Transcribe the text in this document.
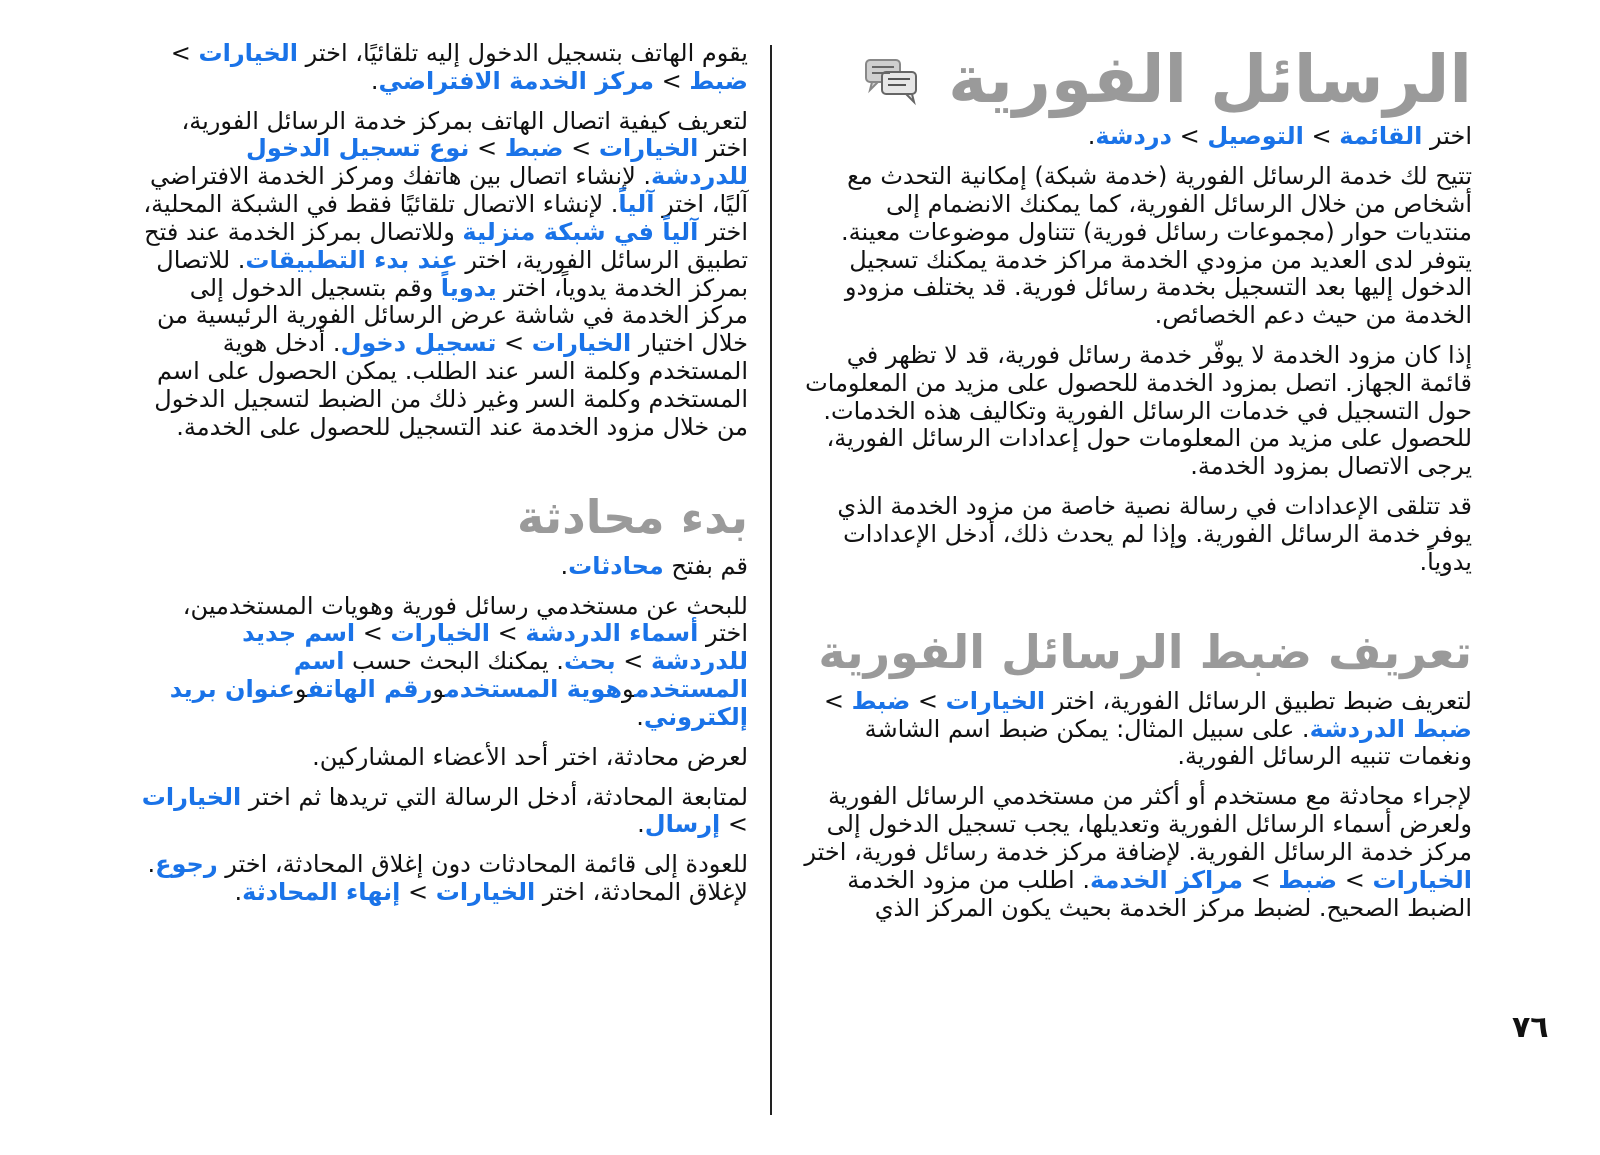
الرسائل الفورية

اختر القائمة > التوصيل > دردشة.

تتيح لك خدمة الرسائل الفورية (خدمة شبكة) إمكانية التحدث مع أشخاص من خلال الرسائل الفورية، كما يمكنك الانضمام إلى منتديات حوار (مجموعات رسائل فورية) تتناول موضوعات معينة. يتوفر لدى العديد من مزودي الخدمة مراكز خدمة يمكنك تسجيل الدخول إليها بعد التسجيل بخدمة رسائل فورية. قد يختلف مزودو الخدمة من حيث دعم الخصائص.

إذا كان مزود الخدمة لا يوفّر خدمة رسائل فورية، قد لا تظهر في قائمة الجهاز. اتصل بمزود الخدمة للحصول على مزيد من المعلومات حول التسجيل في خدمات الرسائل الفورية وتكاليف هذه الخدمات. للحصول على مزيد من المعلومات حول إعدادات الرسائل الفورية، يرجى الاتصال بمزود الخدمة.

قد تتلقى الإعدادات في رسالة نصية خاصة من مزود الخدمة الذي يوفر خدمة الرسائل الفورية. وإذا لم يحدث ذلك، أدخل الإعدادات يدوياً.

تعريف ضبط الرسائل الفورية

لتعريف ضبط تطبيق الرسائل الفورية، اختر الخيارات > ضبط > ضبط الدردشة. على سبيل المثال: يمكن ضبط اسم الشاشة ونغمات تنبيه الرسائل الفورية.

لإجراء محادثة مع مستخدم أو أكثر من مستخدمي الرسائل الفورية ولعرض أسماء الرسائل الفورية وتعديلها، يجب تسجيل الدخول إلى مركز خدمة الرسائل الفورية. لإضافة مركز خدمة رسائل فورية، اختر الخيارات > ضبط > مراكز الخدمة. اطلب من مزود الخدمة الضبط الصحيح. لضبط مركز الخدمة بحيث يكون المركز الذي

يقوم الهاتف بتسجيل الدخول إليه تلقائيًا، اختر الخيارات > ضبط > مركز الخدمة الافتراضي.

لتعريف كيفية اتصال الهاتف بمركز خدمة الرسائل الفورية، اختر الخيارات > ضبط > نوع تسجيل الدخول للدردشة. لإنشاء اتصال بين هاتفك ومركز الخدمة الافتراضي آليًا، اختر آلياً. لإنشاء الاتصال تلقائيًا فقط في الشبكة المحلية، اختر آلياً في شبكة منزلية وللاتصال بمركز الخدمة عند فتح تطبيق الرسائل الفورية، اختر عند بدء التطبيقات. للاتصال بمركز الخدمة يدوياً، اختر يدوياً وقم بتسجيل الدخول إلى مركز الخدمة في شاشة عرض الرسائل الفورية الرئيسية من خلال اختيار الخيارات > تسجيل دخول. أدخل هوية المستخدم وكلمة السر عند الطلب. يمكن الحصول على اسم المستخدم وكلمة السر وغير ذلك من الضبط لتسجيل الدخول من خلال مزود الخدمة عند التسجيل للحصول على الخدمة.

بدء محادثة

قم بفتح محادثات.

للبحث عن مستخدمي رسائل فورية وهويات المستخدمين، اختر أسماء الدردشة > الخيارات > اسم جديد للدردشة > بحث. يمكنك البحث حسب اسم المستخدموهوية المستخدمورقم الهاتفوعنوان بريد إلكتروني.

لعرض محادثة، اختر أحد الأعضاء المشاركين.

لمتابعة المحادثة، أدخل الرسالة التي تريدها ثم اختر الخيارات > إرسال.

للعودة إلى قائمة المحادثات دون إغلاق المحادثة، اختر رجوع. لإغلاق المحادثة، اختر الخيارات > إنهاء المحادثة.

٧٦
